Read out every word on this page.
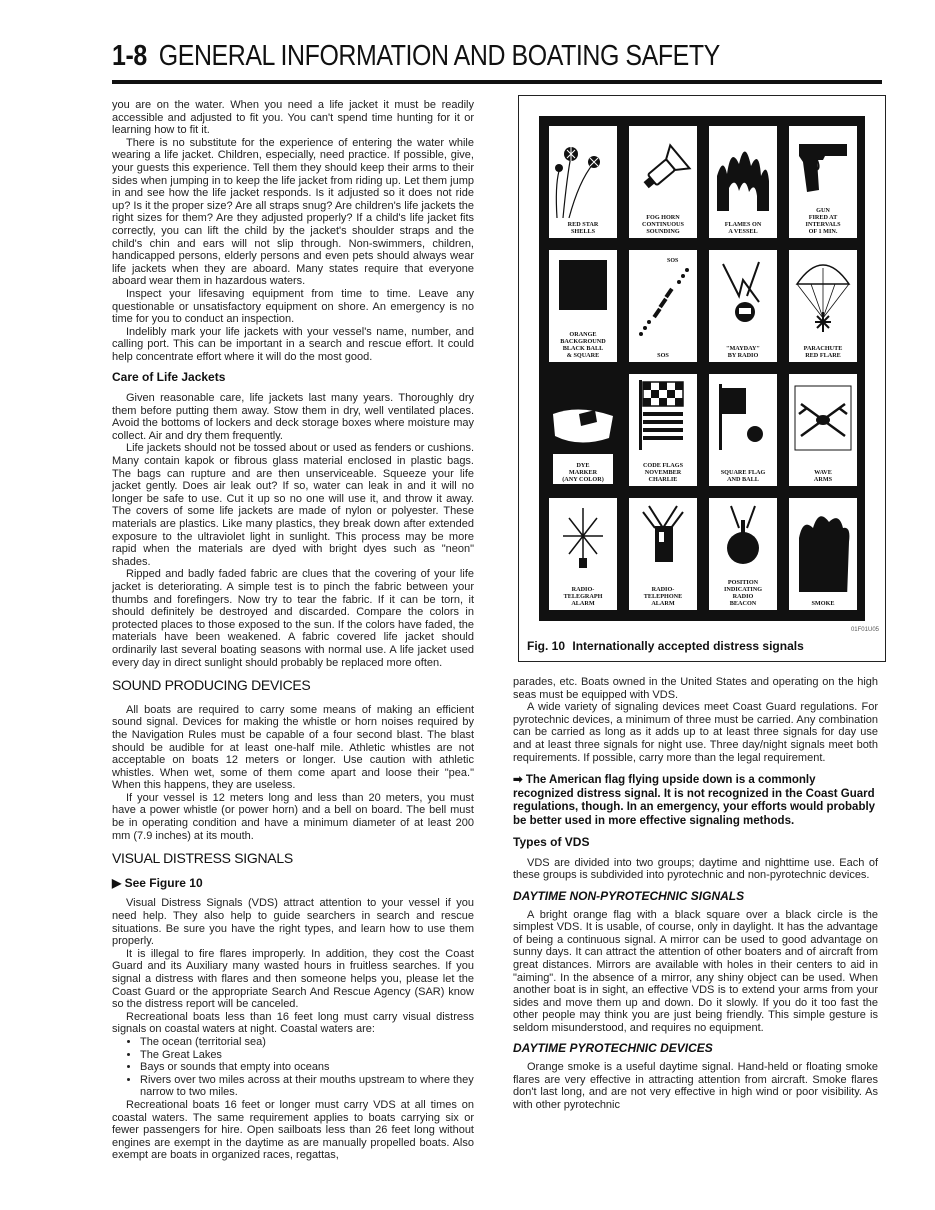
1-8 GENERAL INFORMATION AND BOATING SAFETY

you are on the water. When you need a life jacket it must be readily accessible and adjusted to fit you. You can't spend time hunting for it or learning how to fit it.

There is no substitute for the experience of entering the water while wearing a life jacket. Children, especially, need practice. If possible, give, your guests this experience. Tell them they should keep their arms to their sides when jumping in to keep the life jacket from riding up. Let them jump in and see how the life jacket responds. Is it adjusted so it does not ride up? Is it the proper size? Are all straps snug? Are children's life jackets the right sizes for them? Are they adjusted properly? If a child's life jacket fits correctly, you can lift the child by the jacket's shoulder straps and the child's chin and ears will not slip through. Non-swimmers, children, handicapped persons, elderly persons and even pets should always wear life jackets when they are aboard. Many states require that everyone aboard wear them in hazardous waters.

Inspect your lifesaving equipment from time to time. Leave any questionable or unsatisfactory equipment on shore. An emergency is no time for you to conduct an inspection.

Indelibly mark your life jackets with your vessel's name, number, and calling port. This can be important in a search and rescue effort. It could help concentrate effort where it will do the most good.

Care of Life Jackets

Given reasonable care, life jackets last many years. Thoroughly dry them before putting them away. Stow them in dry, well ventilated places. Avoid the bottoms of lockers and deck storage boxes where moisture may collect. Air and dry them frequently.

Life jackets should not be tossed about or used as fenders or cushions. Many contain kapok or fibrous glass material enclosed in plastic bags. The bags can rupture and are then unserviceable. Squeeze your life jacket gently. Does air leak out? If so, water can leak in and it will no longer be safe to use. Cut it up so no one will use it, and throw it away. The covers of some life jackets are made of nylon or polyester. These materials are plastics. Like many plastics, they break down after extended exposure to the ultraviolet light in sunlight. This process may be more rapid when the materials are dyed with bright dyes such as "neon" shades.

Ripped and badly faded fabric are clues that the covering of your life jacket is deteriorating. A simple test is to pinch the fabric between your thumbs and forefingers. Now try to tear the fabric. If it can be torn, it should definitely be destroyed and discarded. Compare the colors in protected places to those exposed to the sun. If the colors have faded, the materials have been weakened. A fabric covered life jacket should ordinarily last several boating seasons with normal use. A life jacket used every day in direct sunlight should probably be replaced more often.

SOUND PRODUCING DEVICES

All boats are required to carry some means of making an efficient sound signal. Devices for making the whistle or horn noises required by the Navigation Rules must be capable of a four second blast. The blast should be audible for at least one-half mile. Athletic whistles are not acceptable on boats 12 meters or longer. Use caution with athletic whistles. When wet, some of them come apart and loose their "pea." When this happens, they are useless.

If your vessel is 12 meters long and less than 20 meters, you must have a power whistle (or power horn) and a bell on board. The bell must be in operating condition and have a minimum diameter of at least 200 mm (7.9 inches) at its mouth.

VISUAL DISTRESS SIGNALS
▶ See Figure 10

Visual Distress Signals (VDS) attract attention to your vessel if you need help. They also help to guide searchers in search and rescue situations. Be sure you have the right types, and learn how to use them properly.

It is illegal to fire flares improperly. In addition, they cost the Coast Guard and its Auxiliary many wasted hours in fruitless searches. If you signal a distress with flares and then someone helps you, please let the Coast Guard or the appropriate Search And Rescue Agency (SAR) know so the distress report will be canceled.

Recreational boats less than 16 feet long must carry visual distress signals on coastal waters at night. Coastal waters are:

• The ocean (territorial sea)
• The Great Lakes
• Bays or sounds that empty into oceans
• Rivers over two miles across at their mouths upstream to where they narrow to two miles.

Recreational boats 16 feet or longer must carry VDS at all times on coastal waters. The same requirement applies to boats carrying six or fewer passengers for hire. Open sailboats less than 26 feet long without engines are exempt in the daytime as are manually propelled boats. Also exempt are boats in organized races, regattas,

RED STAR
SHELLS
FOG HORN
CONTINUOUS
SOUNDING
FLAMES ON
A VESSEL
GUN
FIRED AT
INTERVALS
OF 1 MIN.
ORANGE
BACKGROUND
BLACK BALL
& SQUARE
SOS
SOS
"MAYDAY"
BY RADIO
PARACHUTE
RED FLARE
DYE
MARKER
(ANY COLOR)
CODE FLAGS
NOVEMBER
CHARLIE
SQUARE FLAG
AND BALL
WAVE
ARMS
RADIO-
TELEGRAPH
ALARM
RADIO-
TELEPHONE
ALARM
POSITION
INDICATING
RADIO
BEACON	SMOKE
01F01U05
Fig. 10 Internationally accepted distress signals

parades, etc. Boats owned in the United States and operating on the high seas must be equipped with VDS.

A wide variety of signaling devices meet Coast Guard regulations. For pyrotechnic devices, a minimum of three must be carried. Any combination can be carried as long as it adds up to at least three signals for day use and at least three signals for night use. Three day/night signals meet both requirements. If possible, carry more than the legal requirement.

➡ The American flag flying upside down is a commonly recognized distress signal. It is not recognized in the Coast Guard regulations, though. In an emergency, your efforts would probably be better used in more effective signaling methods.
Types of VDS

VDS are divided into two groups; daytime and nighttime use. Each of these groups is subdivided into pyrotechnic and non-pyrotechnic devices.

DAYTIME NON-PYROTECHNIC SIGNALS

A bright orange flag with a black square over a black circle is the simplest VDS. It is usable, of course, only in daylight. It has the advantage of being a continuous signal. A mirror can be used to good advantage on sunny days. It can attract the attention of other boaters and of aircraft from great distances. Mirrors are available with holes in their centers to aid in "aiming". In the absence of a mirror, any shiny object can be used. When another boat is in sight, an effective VDS is to extend your arms from your sides and move them up and down. Do it slowly. If you do it too fast the other people may think you are just being friendly. This simple gesture is seldom misunderstood, and requires no equipment.

DAYTIME PYROTECHNIC DEVICES

Orange smoke is a useful daytime signal. Hand-held or floating smoke flares are very effective in attracting attention from aircraft. Smoke flares don't last long, and are not very effective in high wind or poor visibility. As with other pyrotechnic
